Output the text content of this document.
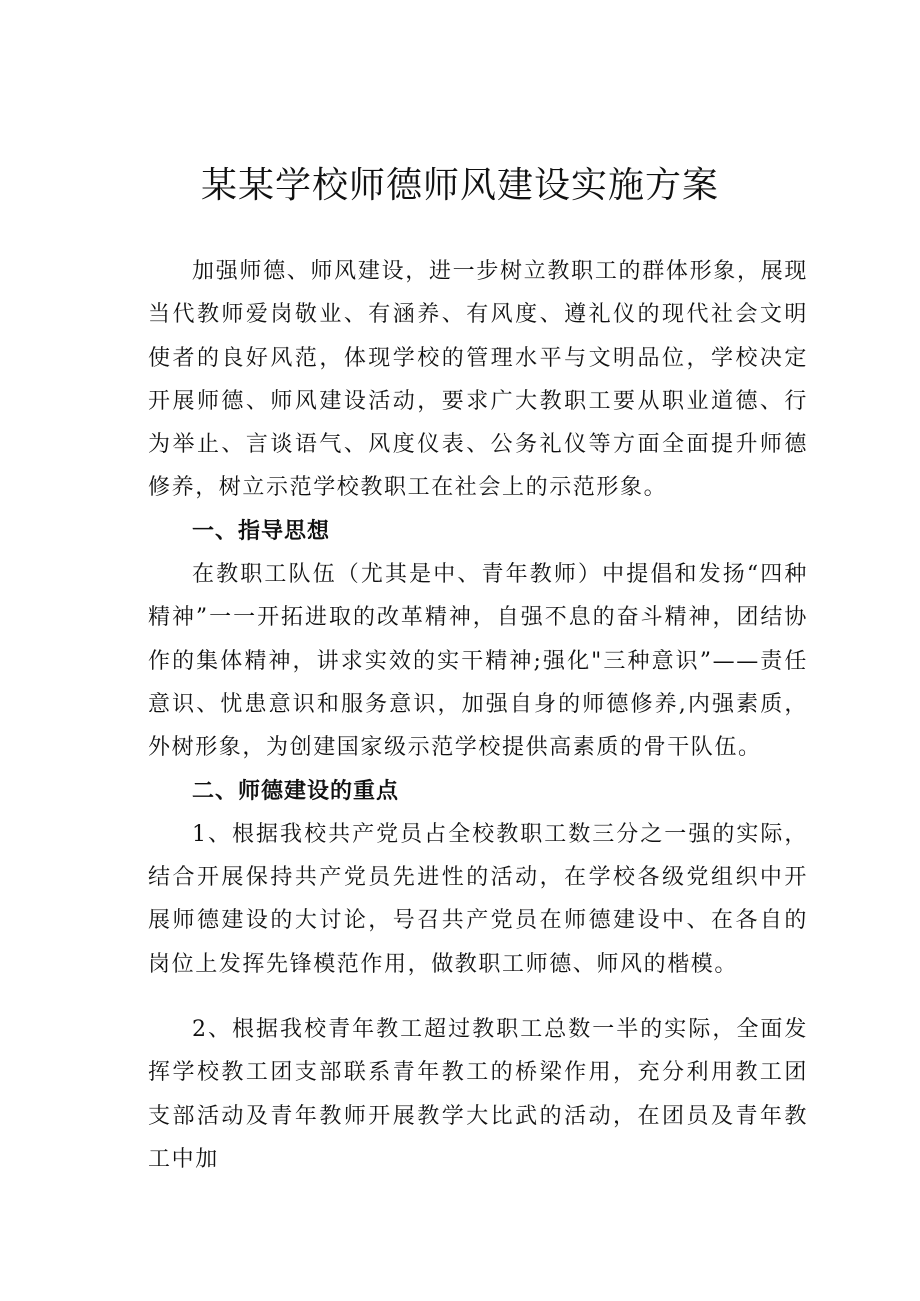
某某学校师德师风建设实施方案

加强师德、师风建设，进一步树立教职工的群体形象，展现当代教师爱岗敬业、有涵养、有风度、遵礼仪的现代社会文明使者的良好风范，体现学校的管理水平与文明品位，学校决定开展师德、师风建设活动，要求广大教职工要从职业道德、行为举止、言谈语气、风度仪表、公务礼仪等方面全面提升师德修养，树立示范学校教职工在社会上的示范形象。

一、指导思想

在教职工队伍（尤其是中、青年教师）中提倡和发扬“四种精神”一一开拓进取的改革精神，自强不息的奋斗精神，团结协作的集体精神，讲求实效的实干精神;强化"三种意识”——责任意识、忧患意识和服务意识，加强自身的师德修养,内强素质，外树形象，为创建国家级示范学校提供高素质的骨干队伍。

二、师德建设的重点

1、根据我校共产党员占全校教职工数三分之一强的实际，结合开展保持共产党员先进性的活动，在学校各级党组织中开展师德建设的大讨论，号召共产党员在师德建设中、在各自的岗位上发挥先锋模范作用，做教职工师德、师风的楷模。

2、根据我校青年教工超过教职工总数一半的实际，全面发挥学校教工团支部联系青年教工的桥梁作用，充分利用教工团支部活动及青年教师开展教学大比武的活动，在团员及青年教工中加
